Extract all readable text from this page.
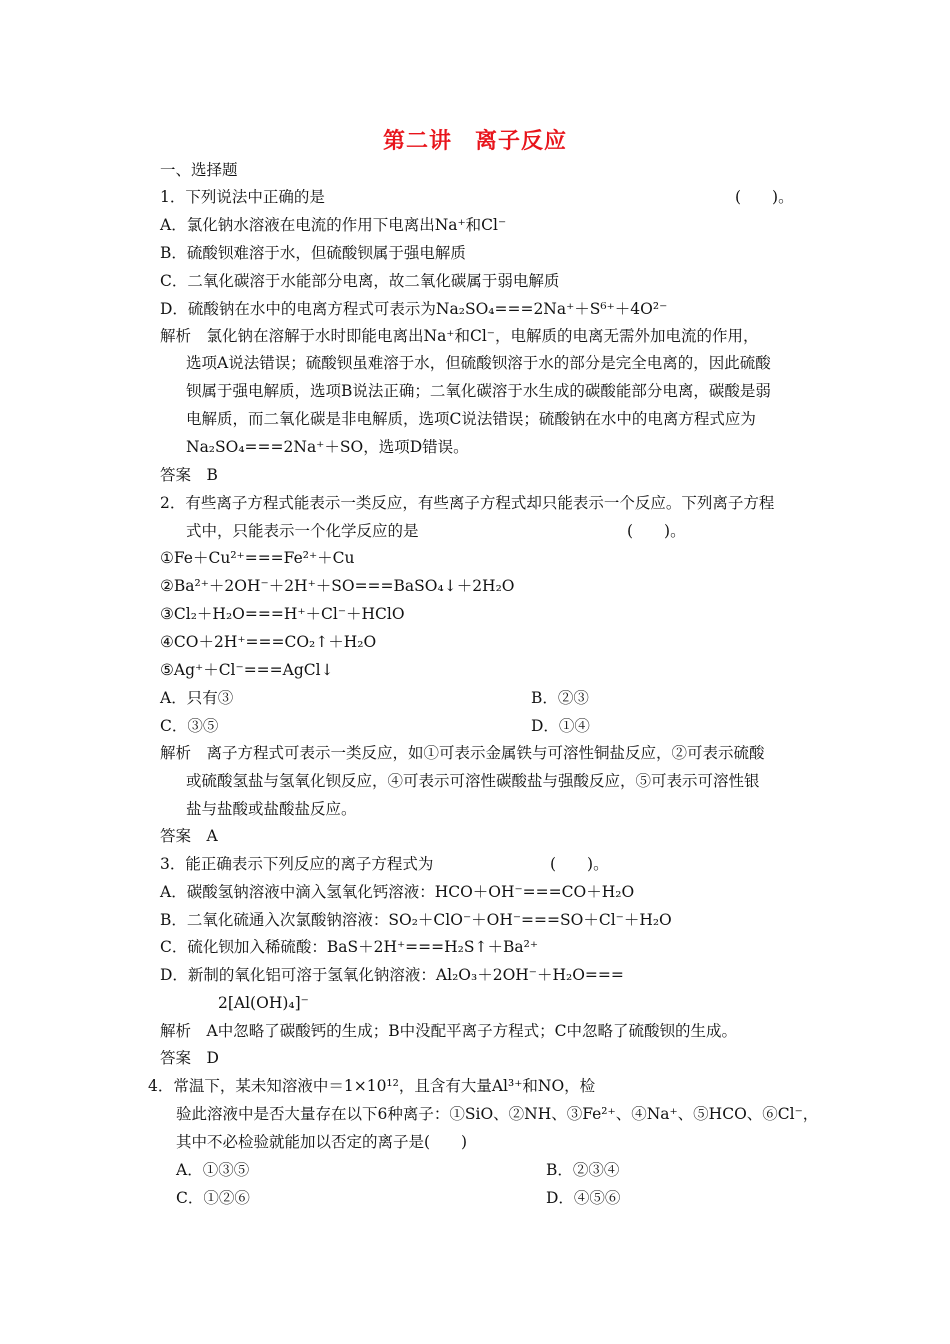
第二讲　离子反应
一、选择题
1．下列说法中正确的是	(　　)。
A．氯化钠水溶液在电流的作用下电离出Na⁺和Cl⁻
B．硫酸钡难溶于水，但硫酸钡属于强电解质
C．二氧化碳溶于水能部分电离，故二氧化碳属于弱电解质
D．硫酸钠在水中的电离方程式可表示为Na₂SO₄===2Na⁺＋S⁶⁺＋4O²⁻
解析　氯化钠在溶解于水时即能电离出Na⁺和Cl⁻，电解质的电离无需外加电流的作用，
选项A说法错误；硫酸钡虽难溶于水，但硫酸钡溶于水的部分是完全电离的，因此硫酸
钡属于强电解质，选项B说法正确；二氧化碳溶于水生成的碳酸能部分电离，碳酸是弱
电解质，而二氧化碳是非电解质，选项C说法错误；硫酸钠在水中的电离方程式应为
Na₂SO₄===2Na⁺＋SO，选项D错误。
答案　B
2．有些离子方程式能表示一类反应，有些离子方程式却只能表示一个反应。下列离子方程
式中，只能表示一个化学反应的是	(　　)。
①Fe＋Cu²⁺===Fe²⁺＋Cu
②Ba²⁺＋2OH⁻＋2H⁺＋SO===BaSO₄↓＋2H₂O
③Cl₂＋H₂O===H⁺＋Cl⁻＋HClO
④CO＋2H⁺===CO₂↑＋H₂O
⑤Ag⁺＋Cl⁻===AgCl↓
A．只有③	B．②③
C．③⑤	D．①④
解析　离子方程式可表示一类反应，如①可表示金属铁与可溶性铜盐反应，②可表示硫酸
或硫酸氢盐与氢氧化钡反应，④可表示可溶性碳酸盐与强酸反应，⑤可表示可溶性银
盐与盐酸或盐酸盐反应。
答案　A
3．能正确表示下列反应的离子方程式为	(　　)。
A．碳酸氢钠溶液中滴入氢氧化钙溶液：HCO＋OH⁻===CO＋H₂O
B．二氧化硫通入次氯酸钠溶液：SO₂＋ClO⁻＋OH⁻===SO＋Cl⁻＋H₂O
C．硫化钡加入稀硫酸：BaS＋2H⁺===H₂S↑＋Ba²⁺
D．新制的氧化铝可溶于氢氧化钠溶液：Al₂O₃＋2OH⁻＋H₂O===
2[Al(OH)₄]⁻
解析　A中忽略了碳酸钙的生成；B中没配平离子方程式；C中忽略了硫酸钡的生成。
答案　D
4．常温下，某未知溶液中＝1×10¹²，且含有大量Al³⁺和NO，检
验此溶液中是否大量存在以下6种离子：①SiO、②NH、③Fe²⁺、④Na⁺、⑤HCO、⑥Cl⁻，
其中不必检验就能加以否定的离子是(　　)
A．①③⑤	B．②③④
C．①②⑥	D．④⑤⑥
